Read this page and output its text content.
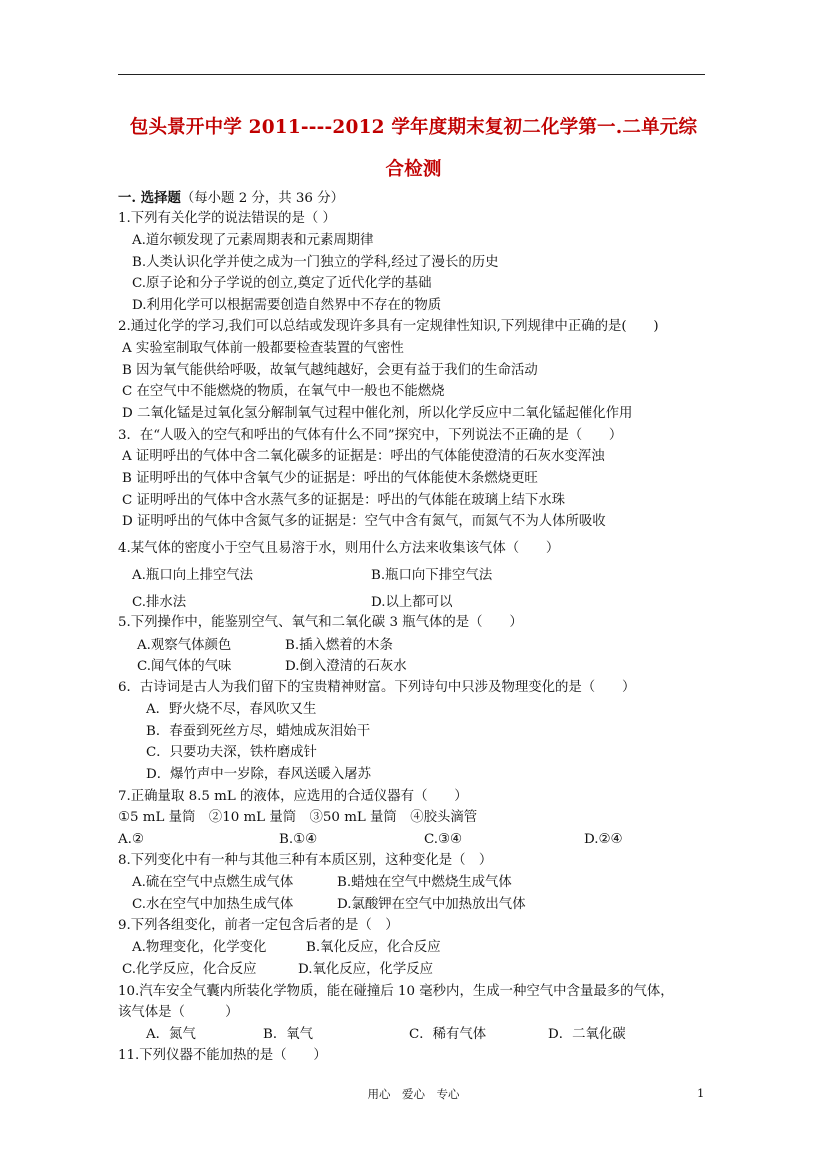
包头景开中学 2011----2012 学年度期末复初二化学第一.二单元综
合检测
一. 选择题（每小题 2 分，共 36 分）
1.下列有关化学的说法错误的是（ ）
A.道尔顿发现了元素周期表和元素周期律
B.人类认识化学并使之成为一门独立的学科,经过了漫长的历史
C.原子论和分子学说的创立,奠定了近代化学的基础
D.利用化学可以根据需要创造自然界中不存在的物质
2.通过化学的学习,我们可以总结或发现许多具有一定规律性知识,下列规律中正确的是(　　)
A 实验室制取气体前一般都要检查装置的气密性
B 因为氧气能供给呼吸，故氧气越纯越好，会更有益于我们的生命活动
C 在空气中不能燃烧的物质，在氧气中一般也不能燃烧
D 二氧化锰是过氧化氢分解制氧气过程中催化剂，所以化学反应中二氧化锰起催化作用
3．在“人吸入的空气和呼出的气体有什么不同”探究中，下列说法不正确的是（　　）
A 证明呼出的气体中含二氧化碳多的证据是：呼出的气体能使澄清的石灰水变浑浊
B 证明呼出的气体中含氧气少的证据是：呼出的气体能使木条燃烧更旺
C 证明呼出的气体中含水蒸气多的证据是：呼出的气体能在玻璃上结下水珠
D 证明呼出的气体中含氮气多的证据是：空气中含有氮气，而氮气不为人体所吸收
4.某气体的密度小于空气且易溶于水，则用什么方法来收集该气体（　　）
A.瓶口向上排空气法	B.瓶口向下排空气法
C.排水法	D.以上都可以
5.下列操作中，能鉴别空气、氧气和二氧化碳 3 瓶气体的是（　　）
A.观察气体颜色	B.插入燃着的木条
C.闻气体的气味	D.倒入澄清的石灰水
6．古诗词是古人为我们留下的宝贵精神财富。下列诗句中只涉及物理变化的是（　　）
A．野火烧不尽，春风吹又生
B．春蚕到死丝方尽，蜡烛成灰泪始干
C．只要功夫深，铁杵磨成针
D．爆竹声中一岁除，春风送暖入屠苏
7.正确量取 8.5 mL 的液体，应选用的合适仪器有（　　）
①5 mL 量筒　②10 mL 量筒　③50 mL 量筒　④胶头滴管
A.②	B.①④	C.③④	D.②④
8.下列变化中有一种与其他三种有本质区别，这种变化是（　）
A.硫在空气中点燃生成气体	B.蜡烛在空气中燃烧生成气体
C.水在空气中加热生成气体	D.氯酸钾在空气中加热放出气体
9.下列各组变化，前者一定包含后者的是（　）
A.物理变化，化学变化	B.氧化反应，化合反应
C.化学反应，化合反应	D.氧化反应，化学反应
10.汽车安全气囊内所装化学物质，能在碰撞后 10 毫秒内，生成一种空气中含量最多的气体，
该气体是（　　　）
A．氮气	B．氧气	C．稀有气体	D．二氧化碳
11.下列仪器不能加热的是（　　）
用心　爱心　专心	1
